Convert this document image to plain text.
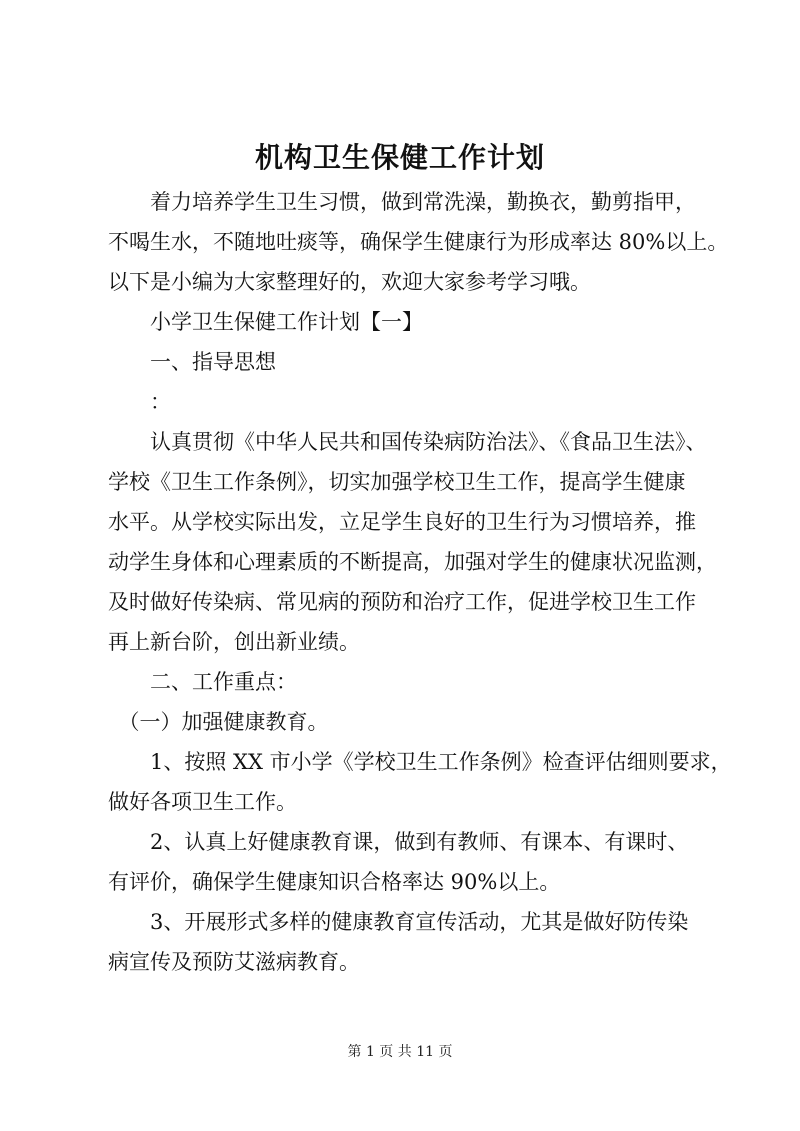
机构卫生保健工作计划
　　着力培养学生卫生习惯，做到常洗澡，勤换衣，勤剪指甲，
不喝生水，不随地吐痰等，确保学生健康行为形成率达 80%以上。
以下是小编为大家整理好的，欢迎大家参考学习哦。
　　小学卫生保健工作计划【一】
　　一、指导思想
　　：
　　认真贯彻《中华人民共和国传染病防治法》、《食品卫生法》、
学校《卫生工作条例》，切实加强学校卫生工作，提高学生健康
水平。从学校实际出发，立足学生良好的卫生行为习惯培养，推
动学生身体和心理素质的不断提高，加强对学生的健康状况监测，
及时做好传染病、常见病的预防和治疗工作，促进学校卫生工作
再上新台阶，创出新业绩。
　　二、工作重点：
　（一）加强健康教育。
　　1、按照 XX 市小学《学校卫生工作条例》检查评估细则要求，
做好各项卫生工作。
　　2、认真上好健康教育课，做到有教师、有课本、有课时、
有评价，确保学生健康知识合格率达 90%以上。
　　3、开展形式多样的健康教育宣传活动，尤其是做好防传染
病宣传及预防艾滋病教育。
第 1 页 共 11 页
